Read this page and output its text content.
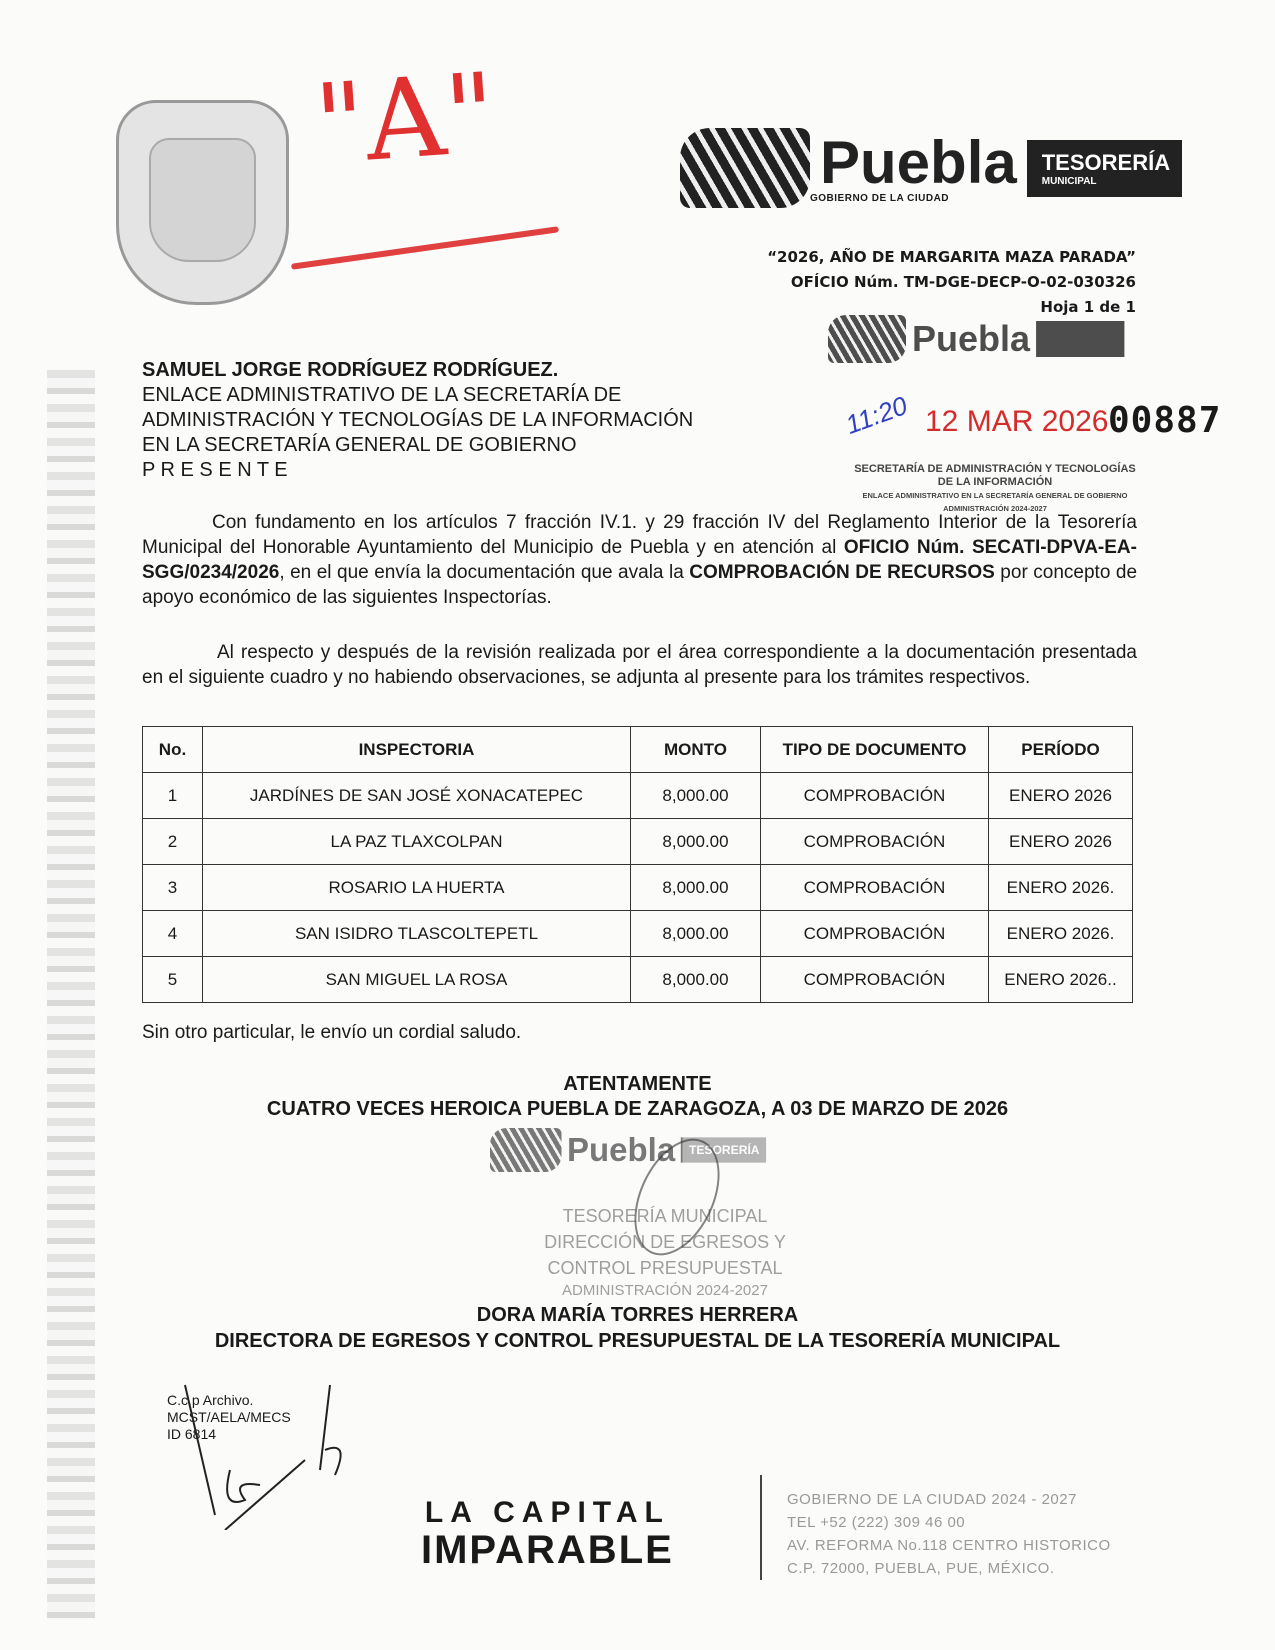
"A"	Puebla
GOBIERNO DE LA CIUDAD
TESORERÍA
MUNICIPAL
“2026, AÑO DE MARGARITA MAZA PARADA”
OFÍCIO Núm. TM-DGE-DECP-O-02-030326
Hoja 1 de 1
Puebla
11:20 12 MAR 2026 00887
SECRETARÍA DE ADMINISTRACIÓN Y TECNOLOGÍAS
DE LA INFORMACIÓN
ENLACE ADMINISTRATIVO EN LA SECRETARÍA GENERAL DE GOBIERNO
ADMINISTRACIÓN 2024-2027
SAMUEL JORGE RODRÍGUEZ RODRÍGUEZ.
ENLACE ADMINISTRATIVO DE LA SECRETARÍA DE
ADMINISTRACIÓN Y TECNOLOGÍAS DE LA INFORMACIÓN
EN LA SECRETARÍA GENERAL DE GOBIERNO
P R E S E N T E
Con fundamento en los artículos 7 fracción IV.1. y 29 fracción IV del Reglamento Interior de la Tesorería Municipal del Honorable Ayuntamiento del Municipio de Puebla y en atención al OFICIO Núm. SECATI-DPVA-EA-SGG/0234/2026, en el que envía la documentación que avala la COMPROBACIÓN DE RECURSOS por concepto de apoyo económico de las siguientes Inspectorías.
Al respecto y después de la revisión realizada por el área correspondiente a la documentación presentada en el siguiente cuadro y no habiendo observaciones, se adjunta al presente para los trámites respectivos.
No.	INSPECTORIA	MONTO	TIPO DE DOCUMENTO	PERÍODO
1	JARDÍNES DE SAN JOSÉ XONACATEPEC	8,000.00	COMPROBACIÓN	ENERO 2026
2	LA PAZ TLAXCOLPAN	8,000.00	COMPROBACIÓN	ENERO 2026
3	ROSARIO LA HUERTA	8,000.00	COMPROBACIÓN	ENERO 2026.
4	SAN ISIDRO TLASCOLTEPETL	8,000.00	COMPROBACIÓN	ENERO 2026.
5	SAN MIGUEL LA ROSA	8,000.00	COMPROBACIÓN	ENERO 2026..
Sin otro particular, le envío un cordial saludo.
ATENTAMENTE
CUATRO VECES HEROICA PUEBLA DE ZARAGOZA, A 03 DE MARZO DE 2026
Puebla TESORERÍA
TESORERÍA MUNICIPAL
DIRECCIÓN DE EGRESOS Y
CONTROL PRESUPUESTAL
ADMINISTRACIÓN 2024-2027
DORA MARÍA TORRES HERRERA
DIRECTORA DE EGRESOS Y CONTROL PRESUPUESTAL DE LA TESORERÍA MUNICIPAL
C.c.p Archivo.
MCST/AELA/MECS
ID 6814
LA CAPITAL
IMPARABLE
GOBIERNO DE LA CIUDAD 2024 - 2027
TEL +52 (222) 309 46 00
AV. REFORMA No.118 CENTRO HISTORICO
C.P. 72000, PUEBLA, PUE, MÉXICO.
